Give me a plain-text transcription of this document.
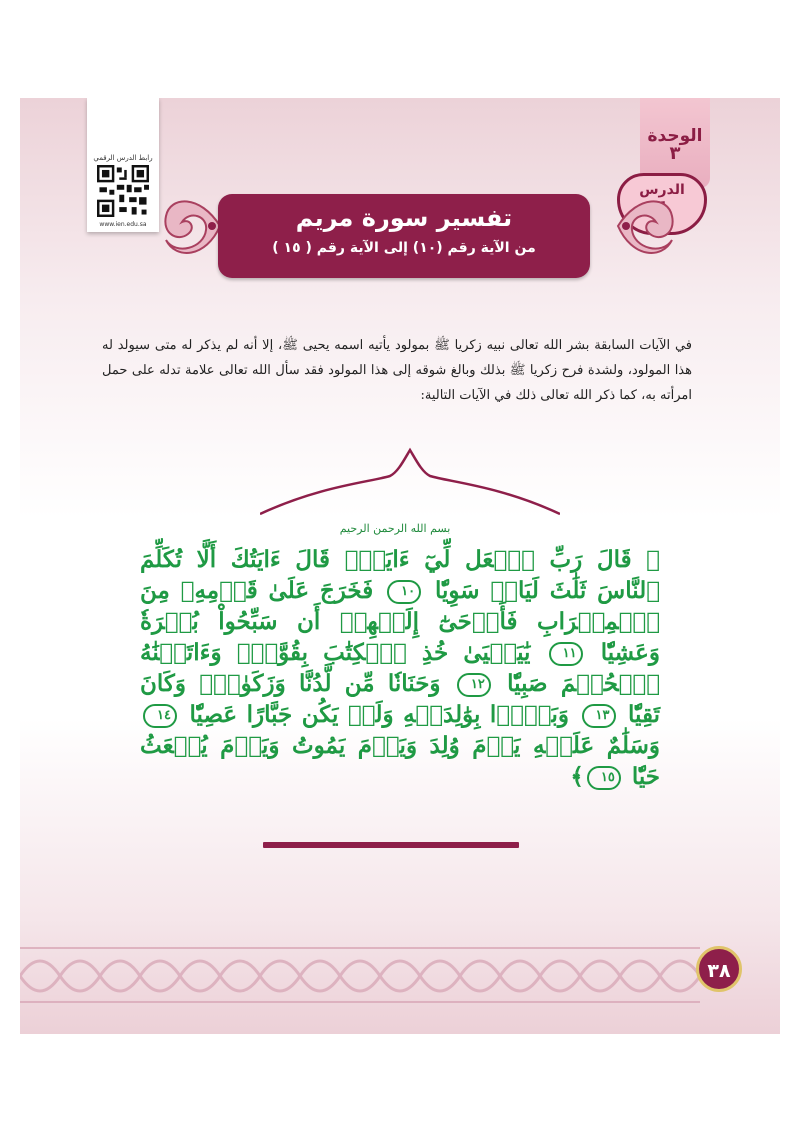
الوحدة
٣
الدرس
رابط الدرس الرقمي
www.ien.edu.sa	تفسير سورة مريم
من الآية رقم (١٠) إلى الآية رقم ( ١٥ )

في الآيات السابقة بشر الله تعالى نبيه زكريا ﷺ بمولود يأتيه اسمه يحيى ﷺ، إلا أنه لم يذكر له متى سيولد له هذا المولود، ولشدة فرح زكريا ﷺ بذلك وبالغ شوقه إلى هذا المولود فقد سأل الله تعالى علامة تدله على حمل امرأته به، كما ذكر الله تعالى ذلك في الآيات التالية:

بسم الله الرحمن الرحيم
﴿ قَالَ رَبِّ ٱجۡعَل لِّيٓ ءَايَةٗۖ قَالَ ءَايَتُكَ أَلَّا تُكَلِّمَ ٱلنَّاسَ ثَلَٰثَ لَيَالٖ سَوِيّٗا ١٠ فَخَرَجَ عَلَىٰ قَوۡمِهِۦ مِنَ ٱلۡمِحۡرَابِ فَأَوۡحَىٰٓ إِلَيۡهِمۡ أَن سَبِّحُواْ بُكۡرَةٗ وَعَشِيّٗا ١١ يَٰيَحۡيَىٰ خُذِ ٱلۡكِتَٰبَ بِقُوَّةٖۖ وَءَاتَيۡنَٰهُ ٱلۡحُكۡمَ صَبِيّٗا ١٢ وَحَنَانٗا مِّن لَّدُنَّا وَزَكَوٰةٗۖ وَكَانَ تَقِيّٗا ١٣ وَبَرَّۢا بِوَٰلِدَيۡهِ وَلَمۡ يَكُن جَبَّارًا عَصِيّٗا ١٤ وَسَلَٰمٌ عَلَيۡهِ يَوۡمَ وُلِدَ وَيَوۡمَ يَمُوتُ وَيَوۡمَ يُبۡعَثُ حَيّٗا ١٥﴾
٣٨
